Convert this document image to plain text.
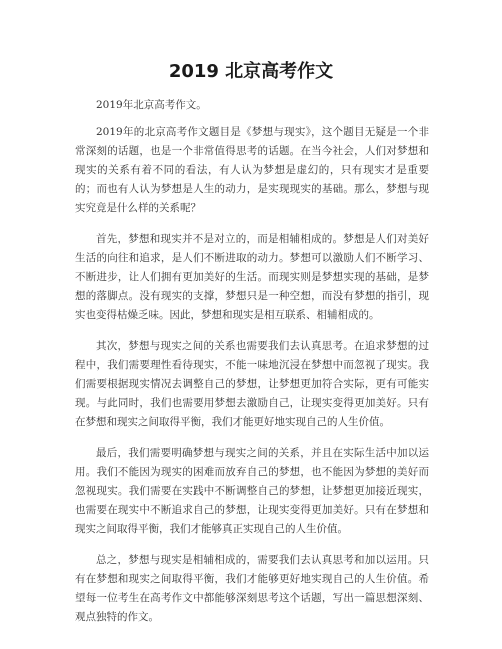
2019 北京高考作文

2019年北京高考作文。

2019年的北京高考作文题目是《梦想与现实》，这个题目无疑是一个非常深刻的话题，也是一个非常值得思考的话题。在当今社会，人们对梦想和现实的关系有着不同的看法，有人认为梦想是虚幻的，只有现实才是重要的；而也有人认为梦想是人生的动力，是实现现实的基础。那么，梦想与现实究竟是什么样的关系呢？

首先，梦想和现实并不是对立的，而是相辅相成的。梦想是人们对美好生活的向往和追求，是人们不断进取的动力。梦想可以激励人们不断学习、不断进步，让人们拥有更加美好的生活。而现实则是梦想实现的基础，是梦想的落脚点。没有现实的支撑，梦想只是一种空想，而没有梦想的指引，现实也变得枯燥乏味。因此，梦想和现实是相互联系、相辅相成的。

其次，梦想与现实之间的关系也需要我们去认真思考。在追求梦想的过程中，我们需要理性看待现实，不能一味地沉浸在梦想中而忽视了现实。我们需要根据现实情况去调整自己的梦想，让梦想更加符合实际，更有可能实现。与此同时，我们也需要用梦想去激励自己，让现实变得更加美好。只有在梦想和现实之间取得平衡，我们才能更好地实现自己的人生价值。

最后，我们需要明确梦想与现实之间的关系，并且在实际生活中加以运用。我们不能因为现实的困难而放弃自己的梦想，也不能因为梦想的美好而忽视现实。我们需要在实践中不断调整自己的梦想，让梦想更加接近现实，也需要在现实中不断追求自己的梦想，让现实变得更加美好。只有在梦想和现实之间取得平衡，我们才能够真正实现自己的人生价值。

总之，梦想与现实是相辅相成的，需要我们去认真思考和加以运用。只有在梦想和现实之间取得平衡，我们才能够更好地实现自己的人生价值。希望每一位考生在高考作文中都能够深刻思考这个话题，写出一篇思想深刻、观点独特的作文。
